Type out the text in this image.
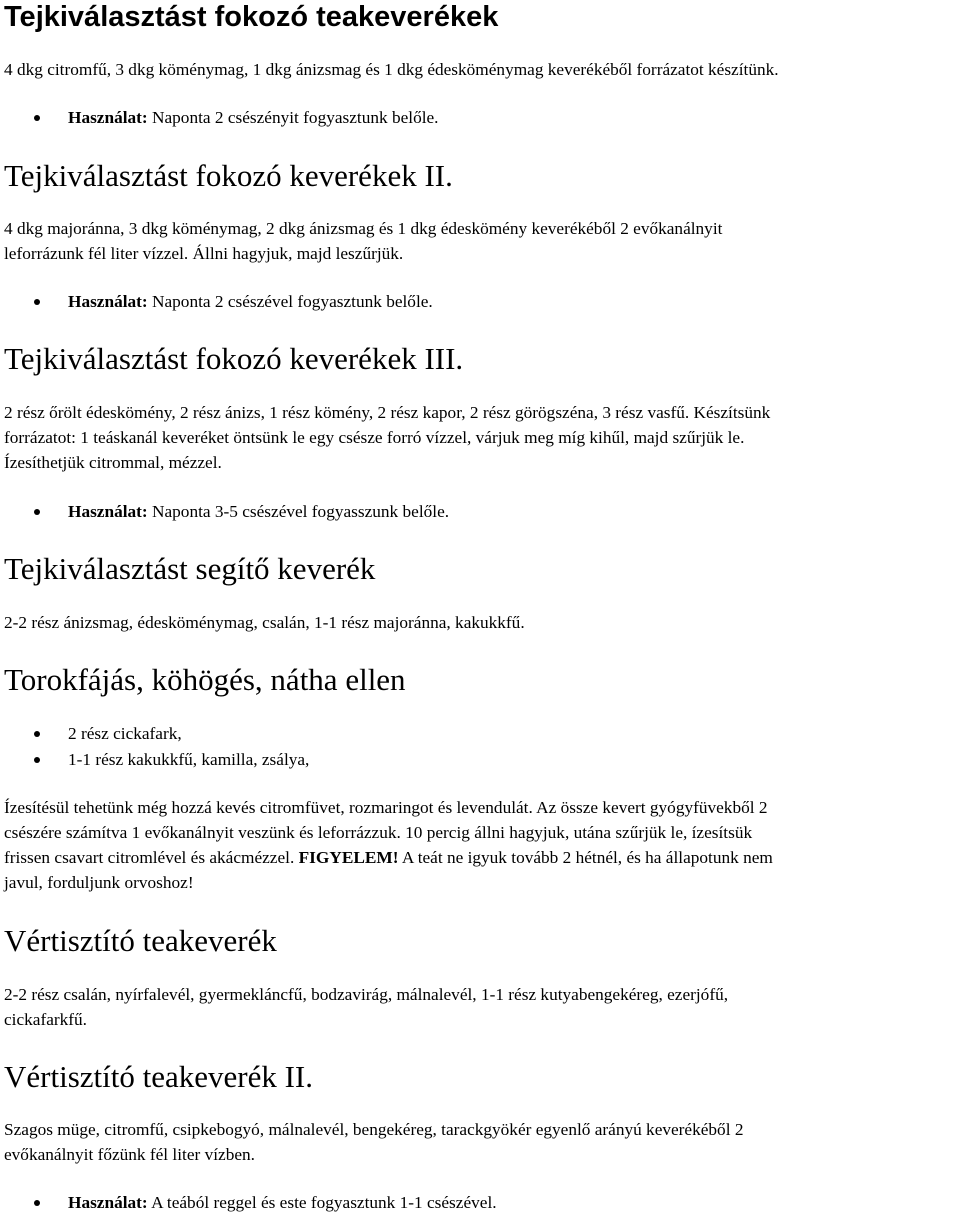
Tejkiválasztást fokozó teakeverékek

4 dkg citromfű, 3 dkg köménymag, 1 dkg ánizsmag és 1 dkg édesköménymag keverékéből forrázatot készítünk.

Használat: Naponta 2 csészényit fogyasztunk belőle.
Tejkiválasztást fokozó keverékek II.

4 dkg majoránna, 3 dkg köménymag, 2 dkg ánizsmag és 1 dkg édeskömény keverékéből 2 evőkanálnyit

leforrázunk fél liter vízzel. Állni hagyjuk, majd leszűrjük.

Használat: Naponta 2 csészével fogyasztunk belőle.
Tejkiválasztást fokozó keverékek III.

2 rész őrölt édeskömény, 2 rész ánizs, 1 rész kömény, 2 rész kapor, 2 rész görögszéna, 3 rész vasfű. Készítsünk

forrázatot: 1 teáskanál keveréket öntsünk le egy csésze forró vízzel, várjuk meg míg kihűl, majd szűrjük le.

Ízesíthetjük citrommal, mézzel.

Használat: Naponta 3-5 csészével fogyasszunk belőle.
Tejkiválasztást segítő keverék

2-2 rész ánizsmag, édesköménymag, csalán, 1-1 rész majoránna, kakukkfű.

Torokfájás, köhögés, nátha ellen
2 rész cickafark,
1-1 rész kakukkfű, kamilla, zsálya,

Ízesítésül tehetünk még hozzá kevés citromfüvet, rozmaringot és levendulát. Az össze kevert gyógyfüvekből 2

csészére számítva 1 evőkanálnyit veszünk és leforrázzuk. 10 percig állni hagyjuk, utána szűrjük le, ízesítsük

frissen csavart citromlével és akácmézzel. FIGYELEM! A teát ne igyuk tovább 2 hétnél, és ha állapotunk nem

javul, forduljunk orvoshoz!

Vértisztító teakeverék

2-2 rész csalán, nyírfalevél, gyermekláncfű, bodzavirág, málnalevél, 1-1 rész kutyabengekéreg, ezerjófű,

cickafarkfű.

Vértisztító teakeverék II.

Szagos müge, citromfű, csipkebogyó, málnalevél, bengekéreg, tarackgyökér egyenlő arányú keverékéből 2

evőkanálnyit főzünk fél liter vízben.

Használat: A teából reggel és este fogyasztunk 1-1 csészével.
